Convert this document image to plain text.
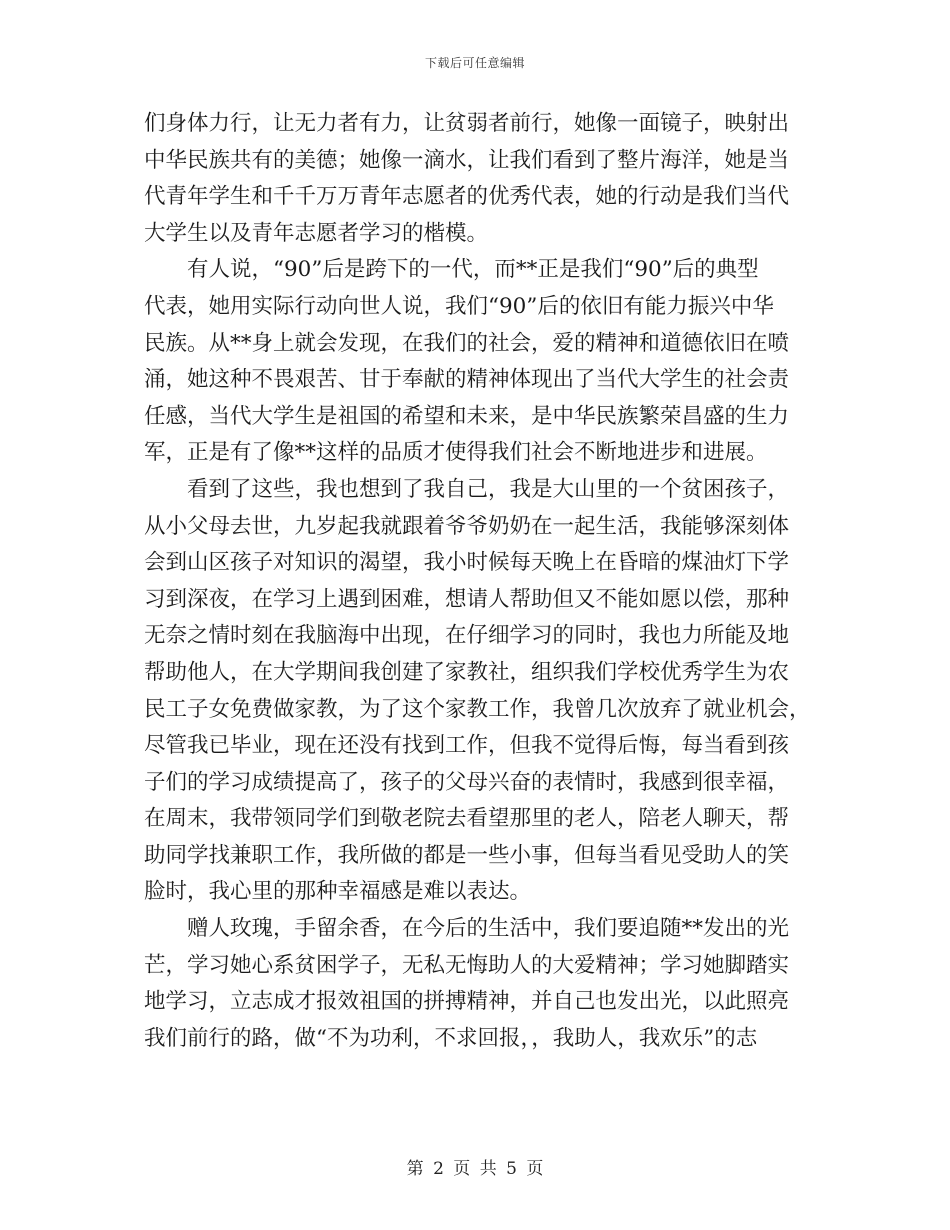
下载后可任意编辑

们身体力行，让无力者有力，让贫弱者前行，她像一面镜子，映射出
中华民族共有的美德；她像一滴水，让我们看到了整片海洋，她是当
代青年学生和千千万万青年志愿者的优秀代表，她的行动是我们当代
大学生以及青年志愿者学习的楷模。

有人说，“90”后是跨下的一代，而**正是我们“90”后的典型
代表，她用实际行动向世人说，我们“90”后的依旧有能力振兴中华
民族。从**身上就会发现，在我们的社会，爱的精神和道德依旧在喷
涌，她这种不畏艰苦、甘于奉献的精神体现出了当代大学生的社会责
任感，当代大学生是祖国的希望和未来，是中华民族繁荣昌盛的生力
军，正是有了像**这样的品质才使得我们社会不断地进步和进展。

看到了这些，我也想到了我自己，我是大山里的一个贫困孩子，
从小父母去世，九岁起我就跟着爷爷奶奶在一起生活，我能够深刻体
会到山区孩子对知识的渴望，我小时候每天晚上在昏暗的煤油灯下学
习到深夜，在学习上遇到困难，想请人帮助但又不能如愿以偿，那种
无奈之情时刻在我脑海中出现，在仔细学习的同时，我也力所能及地
帮助他人，在大学期间我创建了家教社，组织我们学校优秀学生为农
民工子女免费做家教，为了这个家教工作，我曾几次放弃了就业机会，
尽管我已毕业，现在还没有找到工作，但我不觉得后悔，每当看到孩
子们的学习成绩提高了，孩子的父母兴奋的表情时，我感到很幸福，
在周末，我带领同学们到敬老院去看望那里的老人，陪老人聊天，帮
助同学找兼职工作，我所做的都是一些小事，但每当看见受助人的笑
脸时，我心里的那种幸福感是难以表达。

赠人玫瑰，手留余香，在今后的生活中，我们要追随**发出的光
芒，学习她心系贫困学子，无私无悔助人的大爱精神；学习她脚踏实
地学习，立志成才报效祖国的拼搏精神，并自己也发出光，以此照亮
我们前行的路，做“不为功利，不求回报，，我助人，我欢乐”的志

第 2 页 共 5 页
